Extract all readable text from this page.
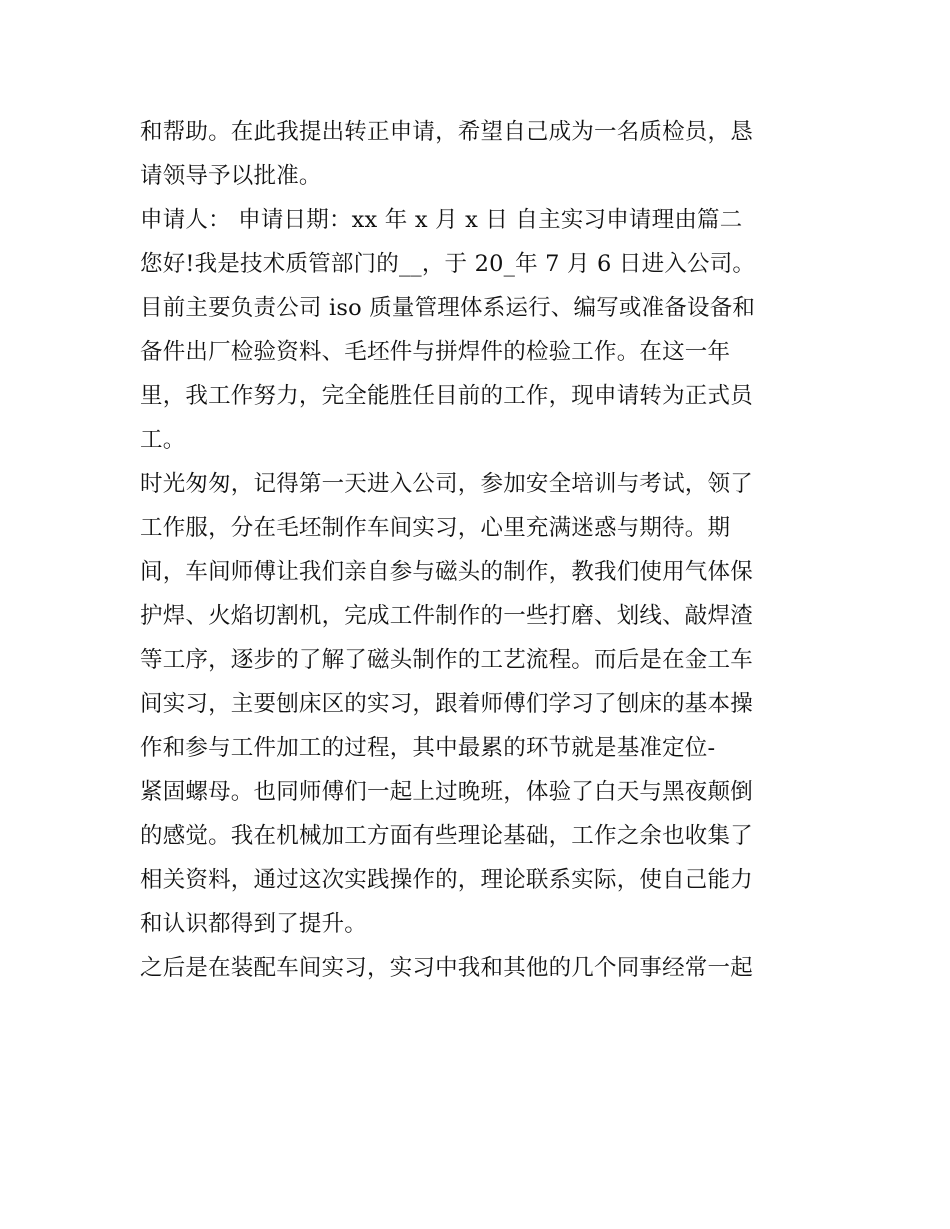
和帮助。在此我提出转正申请，希望自己成为一名质检员，恳
请领导予以批准。
申请人： 申请日期：xx 年 x 月 x 日 自主实习申请理由篇二
您好!我是技术质管部门的__，于 20_年 7 月 6 日进入公司。
目前主要负责公司 iso 质量管理体系运行、编写或准备设备和
备件出厂检验资料、毛坯件与拼焊件的检验工作。在这一年
里，我工作努力，完全能胜任目前的工作，现申请转为正式员
工。
时光匆匆，记得第一天进入公司，参加安全培训与考试，领了
工作服，分在毛坯制作车间实习，心里充满迷惑与期待。期
间，车间师傅让我们亲自参与磁头的制作，教我们使用气体保
护焊、火焰切割机，完成工件制作的一些打磨、划线、敲焊渣
等工序，逐步的了解了磁头制作的工艺流程。而后是在金工车
间实习，主要刨床区的实习，跟着师傅们学习了刨床的基本操
作和参与工件加工的过程，其中最累的环节就是基准定位-
紧固螺母。也同师傅们一起上过晚班，体验了白天与黑夜颠倒
的感觉。我在机械加工方面有些理论基础，工作之余也收集了
相关资料，通过这次实践操作的，理论联系实际，使自己能力
和认识都得到了提升。
之后是在装配车间实习，实习中我和其他的几个同事经常一起
